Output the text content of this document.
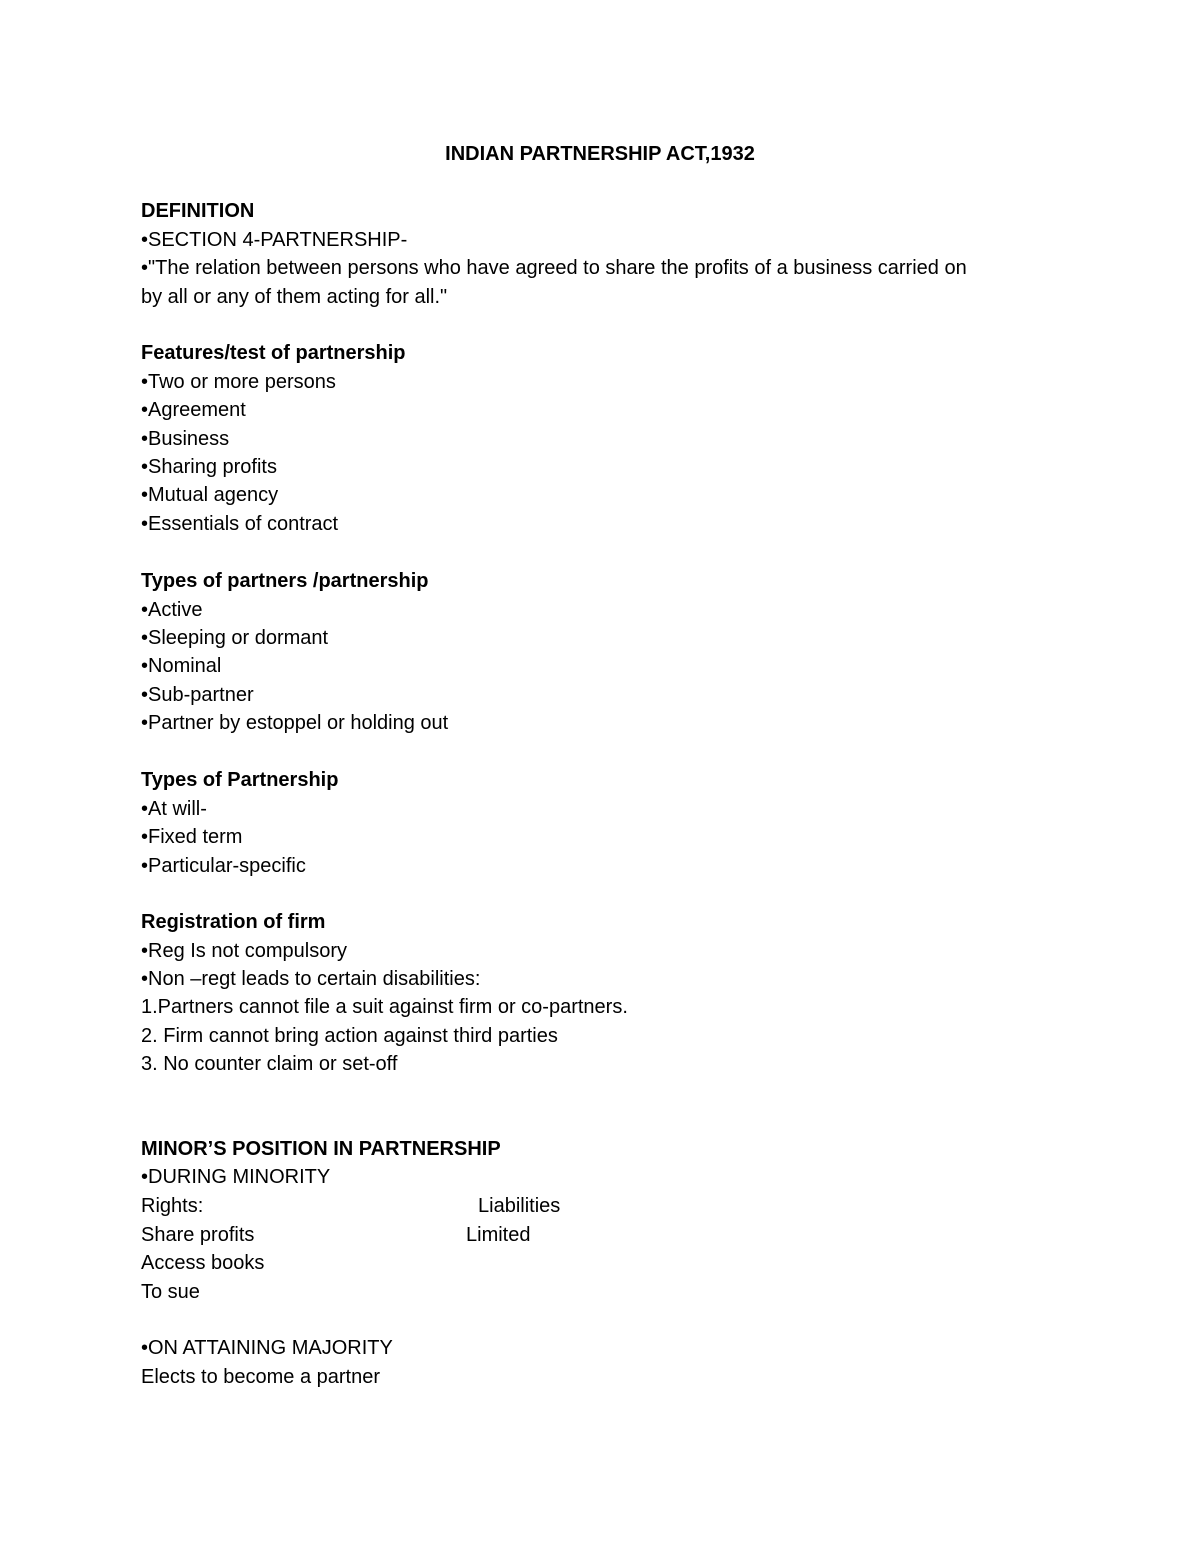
INDIAN PARTNERSHIP ACT,1932
DEFINITION
•SECTION 4-PARTNERSHIP-
•"The relation between persons who have agreed to share the profits of a business carried on
by all or any of them acting for all."
Features/test of partnership
•Two or more persons
•Agreement
•Business
•Sharing profits
•Mutual agency
•Essentials of contract
Types of partners /partnership
•Active
•Sleeping or dormant
•Nominal
•Sub-partner
•Partner by estoppel or holding out
Types of Partnership
•At will-
•Fixed term
•Particular-specific
Registration of firm
•Reg Is not compulsory
•Non –regt leads to certain disabilities:
1.Partners cannot file a suit against firm or co-partners.
2. Firm cannot bring action against third parties
3. No counter claim or set-off
MINOR’S POSITION IN PARTNERSHIP
•DURING MINORITY
Rights:	Liabilities
Share profits	Limited
Access books
To sue
•ON ATTAINING MAJORITY
Elects to become a partner
